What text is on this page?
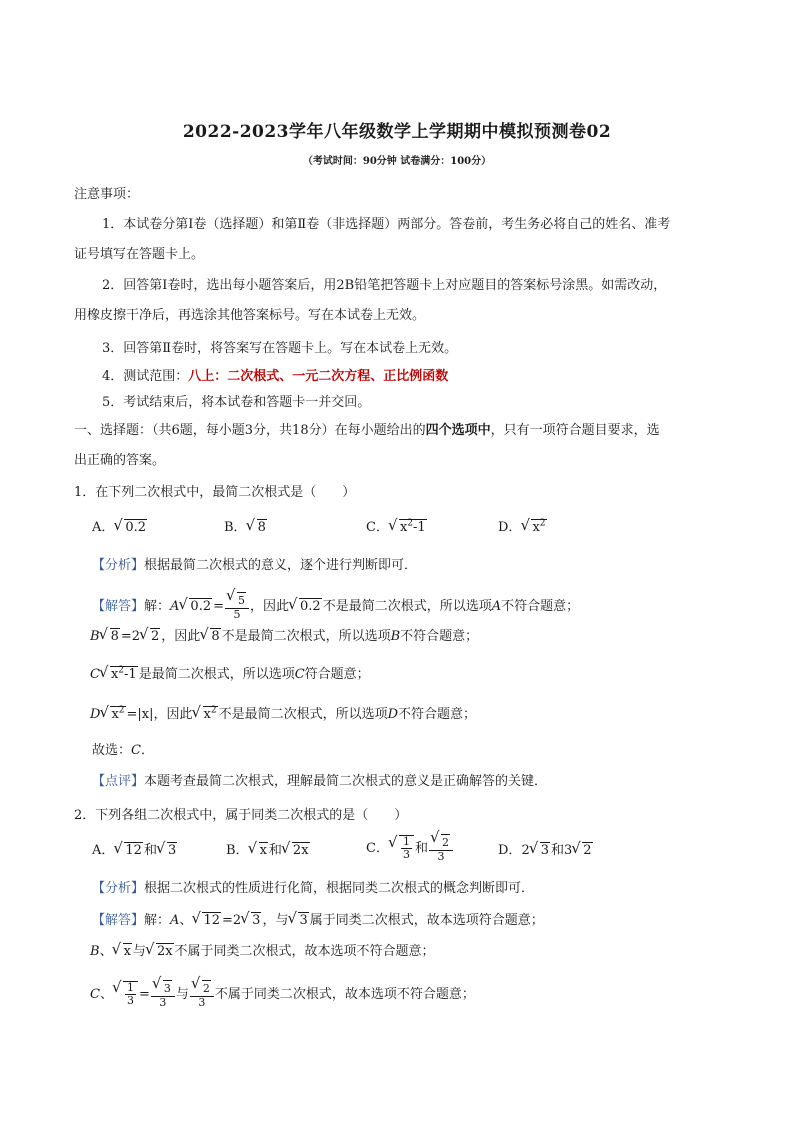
2022-2023学年八年级数学上学期期中模拟预测卷02
（考试时间：90分钟 试卷满分：100分）
注意事项：
1．本试卷分第Ⅰ卷（选择题）和第Ⅱ卷（非选择题）两部分。答卷前，考生务必将自己的姓名、准考
证号填写在答题卡上。
2．回答第Ⅰ卷时，选出每小题答案后，用2B铅笔把答题卡上对应题目的答案标号涂黑。如需改动，
用橡皮擦干净后，再选涂其他答案标号。写在本试卷上无效。
3．回答第Ⅱ卷时，将答案写在答题卡上。写在本试卷上无效。
4．测试范围：八上：二次根式、一元二次方程、正比例函数
5．考试结束后，将本试卷和答题卡一并交回。
一、选择题：（共6题，每小题3分，共18分）在每小题给出的四个选项中，只有一项符合题目要求，选
出正确的答案。
1．在下列二次根式中，最简二次根式是（　　）
A． √ 0.2	B． √ 8	C． √ $x^2-1$	D． √ $x^2$
【分析】根据最简二次根式的意义，逐个进行判断即可．
【解答】解：A √ 0.2 = √ $\frac{5}{5}$ ，因此 √ 0.2 不是最简二次根式，所以选项A不符合题意；
B √ 8 =2 √ 2 ，因此 √ 8 不是最简二次根式，所以选项B不符合题意；
C √ $x^2-1$ 是最简二次根式，所以选项C符合题意；
D √ $x^2 =|x|$，因此 √ $x^2$ 不是最简二次根式，所以选项D不符合题意；
故选：C．
【点评】本题考查最简二次根式，理解最简二次根式的意义是正确解答的关键．
2．下列各组二次根式中，属于同类二次根式的是（　　）
A． √ 12 和 √ 3	B． √ x 和 √ 2x	C． √ $\frac{1}{3}$ 和 √ $\frac{2}{3}$	D．2 √ 3 和3 √ 2
【分析】根据二次根式的性质进行化简，根据同类二次根式的概念判断即可．
【解答】解：A、 √ 12 =2 √ 3 ，与 √ 3 属于同类二次根式，故本选项符合题意；
B、 √ x 与 √ 2x 不属于同类二次根式，故本选项不符合题意；
C、 √ $\frac{1}{3}$ = √ $\frac{3}{3}$ 与 √ $\frac{2}{3}$ 不属于同类二次根式，故本选项不符合题意；
